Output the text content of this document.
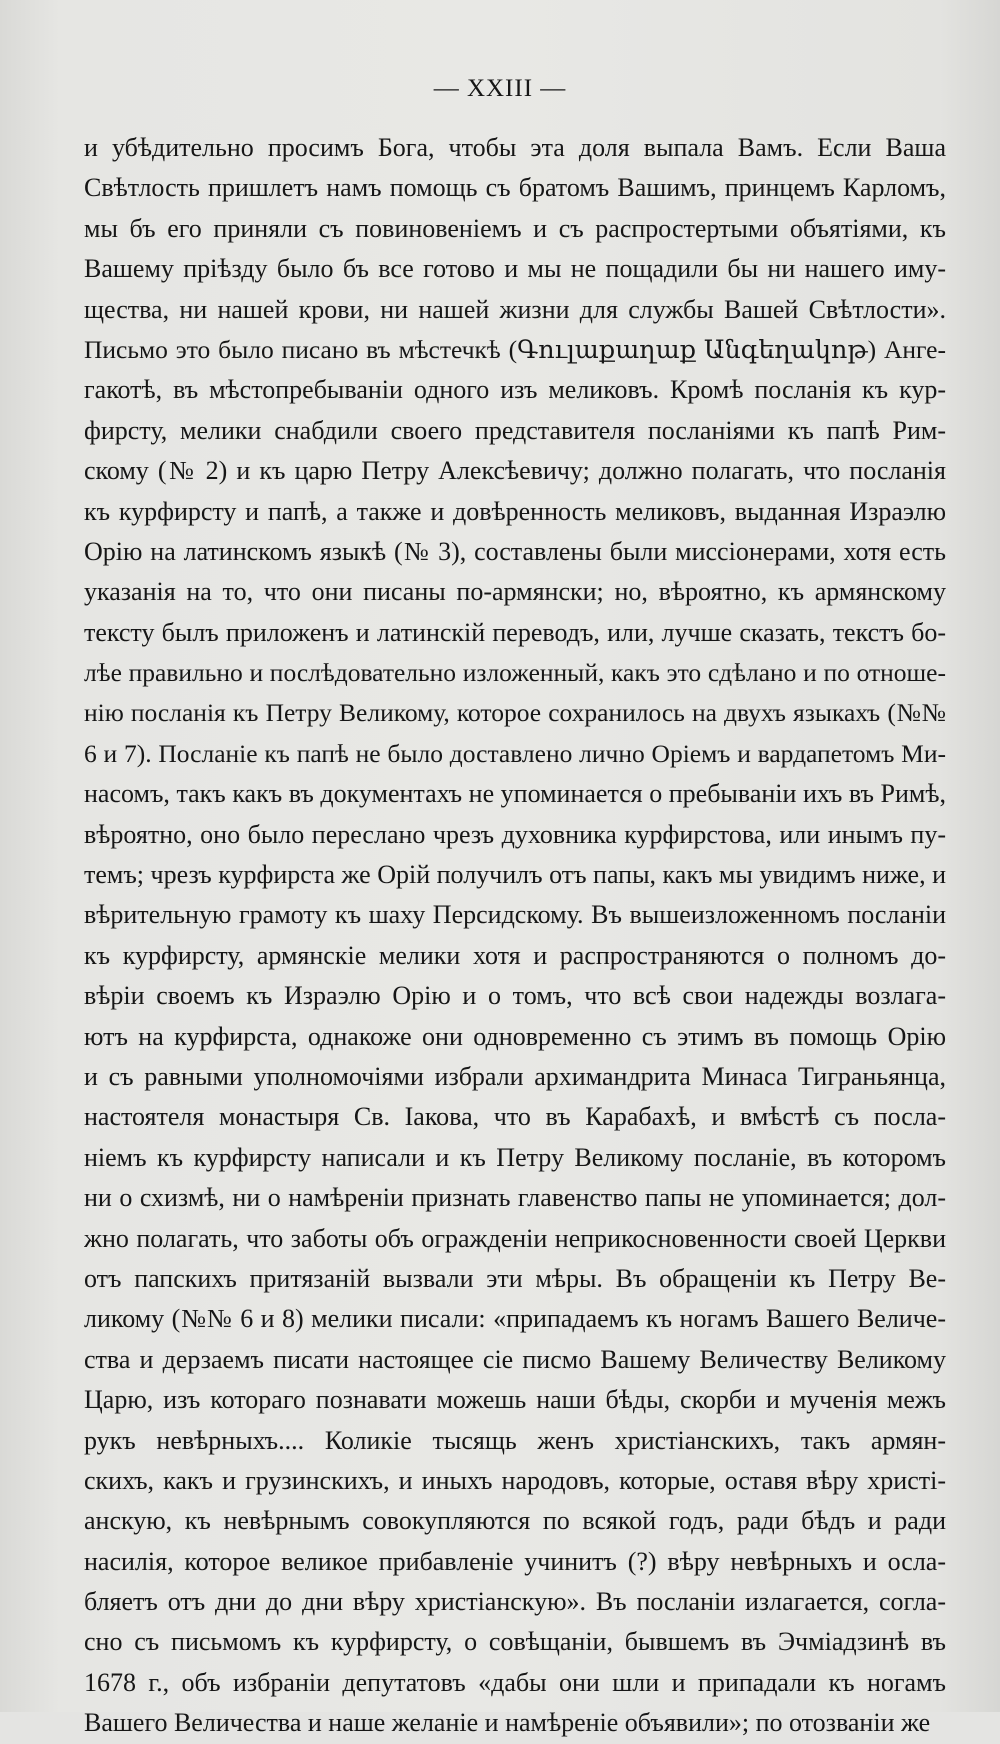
— XXIII —
и убѣдительно просимъ Бога, чтобы эта доля выпала Вамъ. Если Ваша
Свѣтлость пришлетъ намъ помощь съ братомъ Вашимъ, принцемъ Карломъ,
мы бъ его приняли съ повиновеніемъ и съ распростертыми объятіями, къ
Вашему пріѣзду было бъ все готово и мы не пощадили бы ни нашего иму-
щества, ни нашей крови, ни нашей жизни для службы Вашей Свѣтлости».
Письмо это было писано въ мѣстечкѣ (Գուլաքաղաք Անգեղակոթ) Анге-
гакотѣ, въ мѣстопребываніи одного изъ меликовъ. Кромѣ посланія къ кур-
фирсту, мелики снабдили своего представителя посланіями къ папѣ Рим-
скому (№ 2) и къ царю Петру Алексѣевичу; должно полагать, что посланія
къ курфирсту и папѣ, а также и довѣренность меликовъ, выданная Израэлю
Орію на латинскомъ языкѣ (№ 3), составлены были миссіонерами, хотя есть
указанія на то, что они писаны по-армянски; но, вѣроятно, къ армянскому
тексту былъ приложенъ и латинскій переводъ, или, лучше сказать, текстъ бо-
лѣе правильно и послѣдовательно изложенный, какъ это сдѣлано и по отноше-
нію посланія къ Петру Великому, которое сохранилось на двухъ языкахъ (№№
6 и 7). Посланіе къ папѣ не было доставлено лично Оріемъ и вардапетомъ Ми-
насомъ, такъ какъ въ документахъ не упоминается о пребываніи ихъ въ Римѣ,
вѣроятно, оно было переслано чрезъ духовника курфирстова, или инымъ пу-
темъ; чрезъ курфирста же Орій получилъ отъ папы, какъ мы увидимъ ниже, и
вѣрительную грамоту къ шаху Персидскому. Въ вышеизложенномъ посланіи
къ курфирсту, армянскіе мелики хотя и распространяются о полномъ до-
вѣріи своемъ къ Израэлю Орію и о томъ, что всѣ свои надежды возлага-
ютъ на курфирста, однакоже они одновременно съ этимъ въ помощь Орію
и съ равными уполномочіями избрали архимандрита Минаса Тиграньянца,
настоятеля монастыря Св. Іакова, что въ Карабахѣ, и вмѣстѣ съ посла-
ніемъ къ курфирсту написали и къ Петру Великому посланіе, въ которомъ
ни о схизмѣ, ни о намѣреніи признать главенство папы не упоминается; дол-
жно полагать, что заботы объ огражденіи неприкосновенности своей Церкви
отъ папскихъ притязаній вызвали эти мѣры. Въ обращеніи къ Петру Ве-
ликому (№№ 6 и 8) мелики писали: «припадаемъ къ ногамъ Вашего Величе-
ства и дерзаемъ писати настоящее сіе писмо Вашему Величеству Великому
Царю, изъ котораго познавати можешь наши бѣды, скорби и мученія межъ
рукъ невѣрныхъ.... Коликіе тысящь женъ христіанскихъ, такъ армян-
скихъ, какъ и грузинскихъ, и иныхъ народовъ, которые, оставя вѣру христі-
анскую, къ невѣрнымъ совокупляются по всякой годъ, ради бѣдъ и ради
насилія, которое великое прибавленіе учинитъ (?) вѣру невѣрныхъ и осла-
бляетъ отъ дни до дни вѣру христіанскую». Въ посланіи излагается, согла-
сно съ письмомъ къ курфирсту, о совѣщаніи, бывшемъ въ Эчміадзинѣ въ
1678 г., объ избраніи депутатовъ «дабы они шли и припадали къ ногамъ
Вашего Величества и наше желаніе и намѣреніе объявили»; по отозваніи же
